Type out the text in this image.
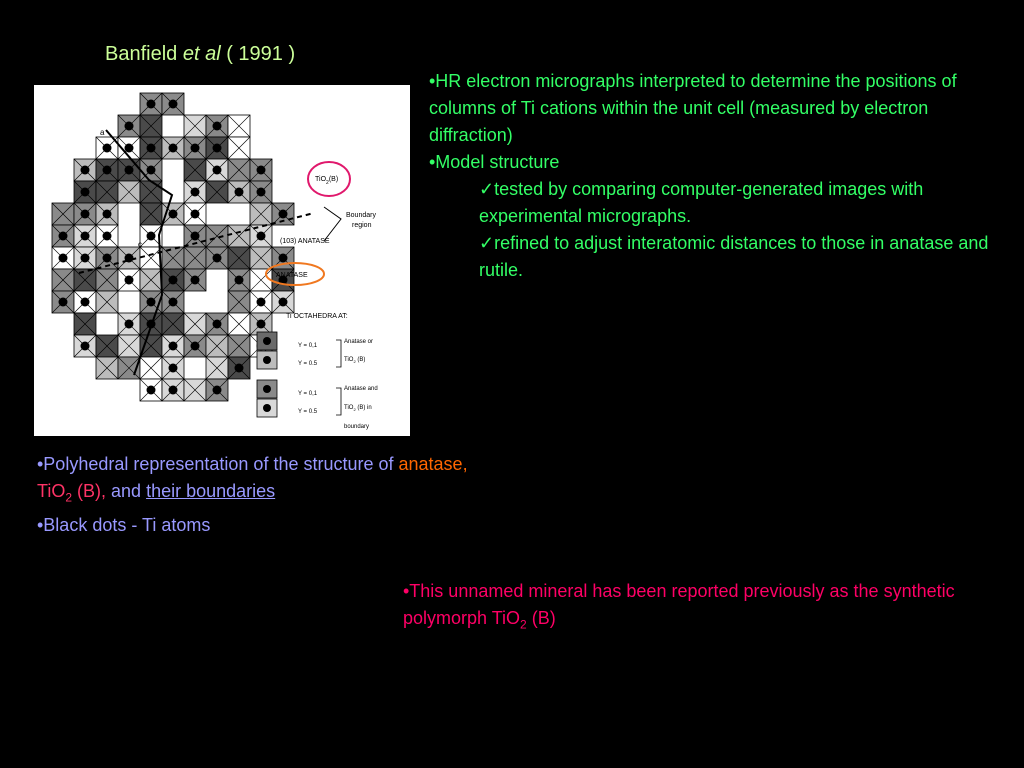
Banfield et al ( 1991 )
a
c
TiO$_2$(B)
Boundary
region
(103) ANATASE
ANATASE
Ti OCTAHEDRA AT:
Y = 0,1
Y = 0.5
Y = 0,1
Y = 0.5
Anatase or
TiO$_2$ (B)
Anatase and
TiO$_2$ (B) in
boundary

•HR electron micrographs interpreted to determine the positions of columns of Ti cations within the unit cell (measured by electron diffraction)

•Model structure

✓tested by comparing computer-generated images with experimental micrographs.

✓refined to adjust interatomic distances to those in anatase and rutile.

•Polyhedral representation of the structure of anatase, TiO$_2$ (B), and their boundaries

•Black dots - Ti atoms

•This unnamed mineral has been reported previously as the synthetic polymorph TiO$_2$ (B)
